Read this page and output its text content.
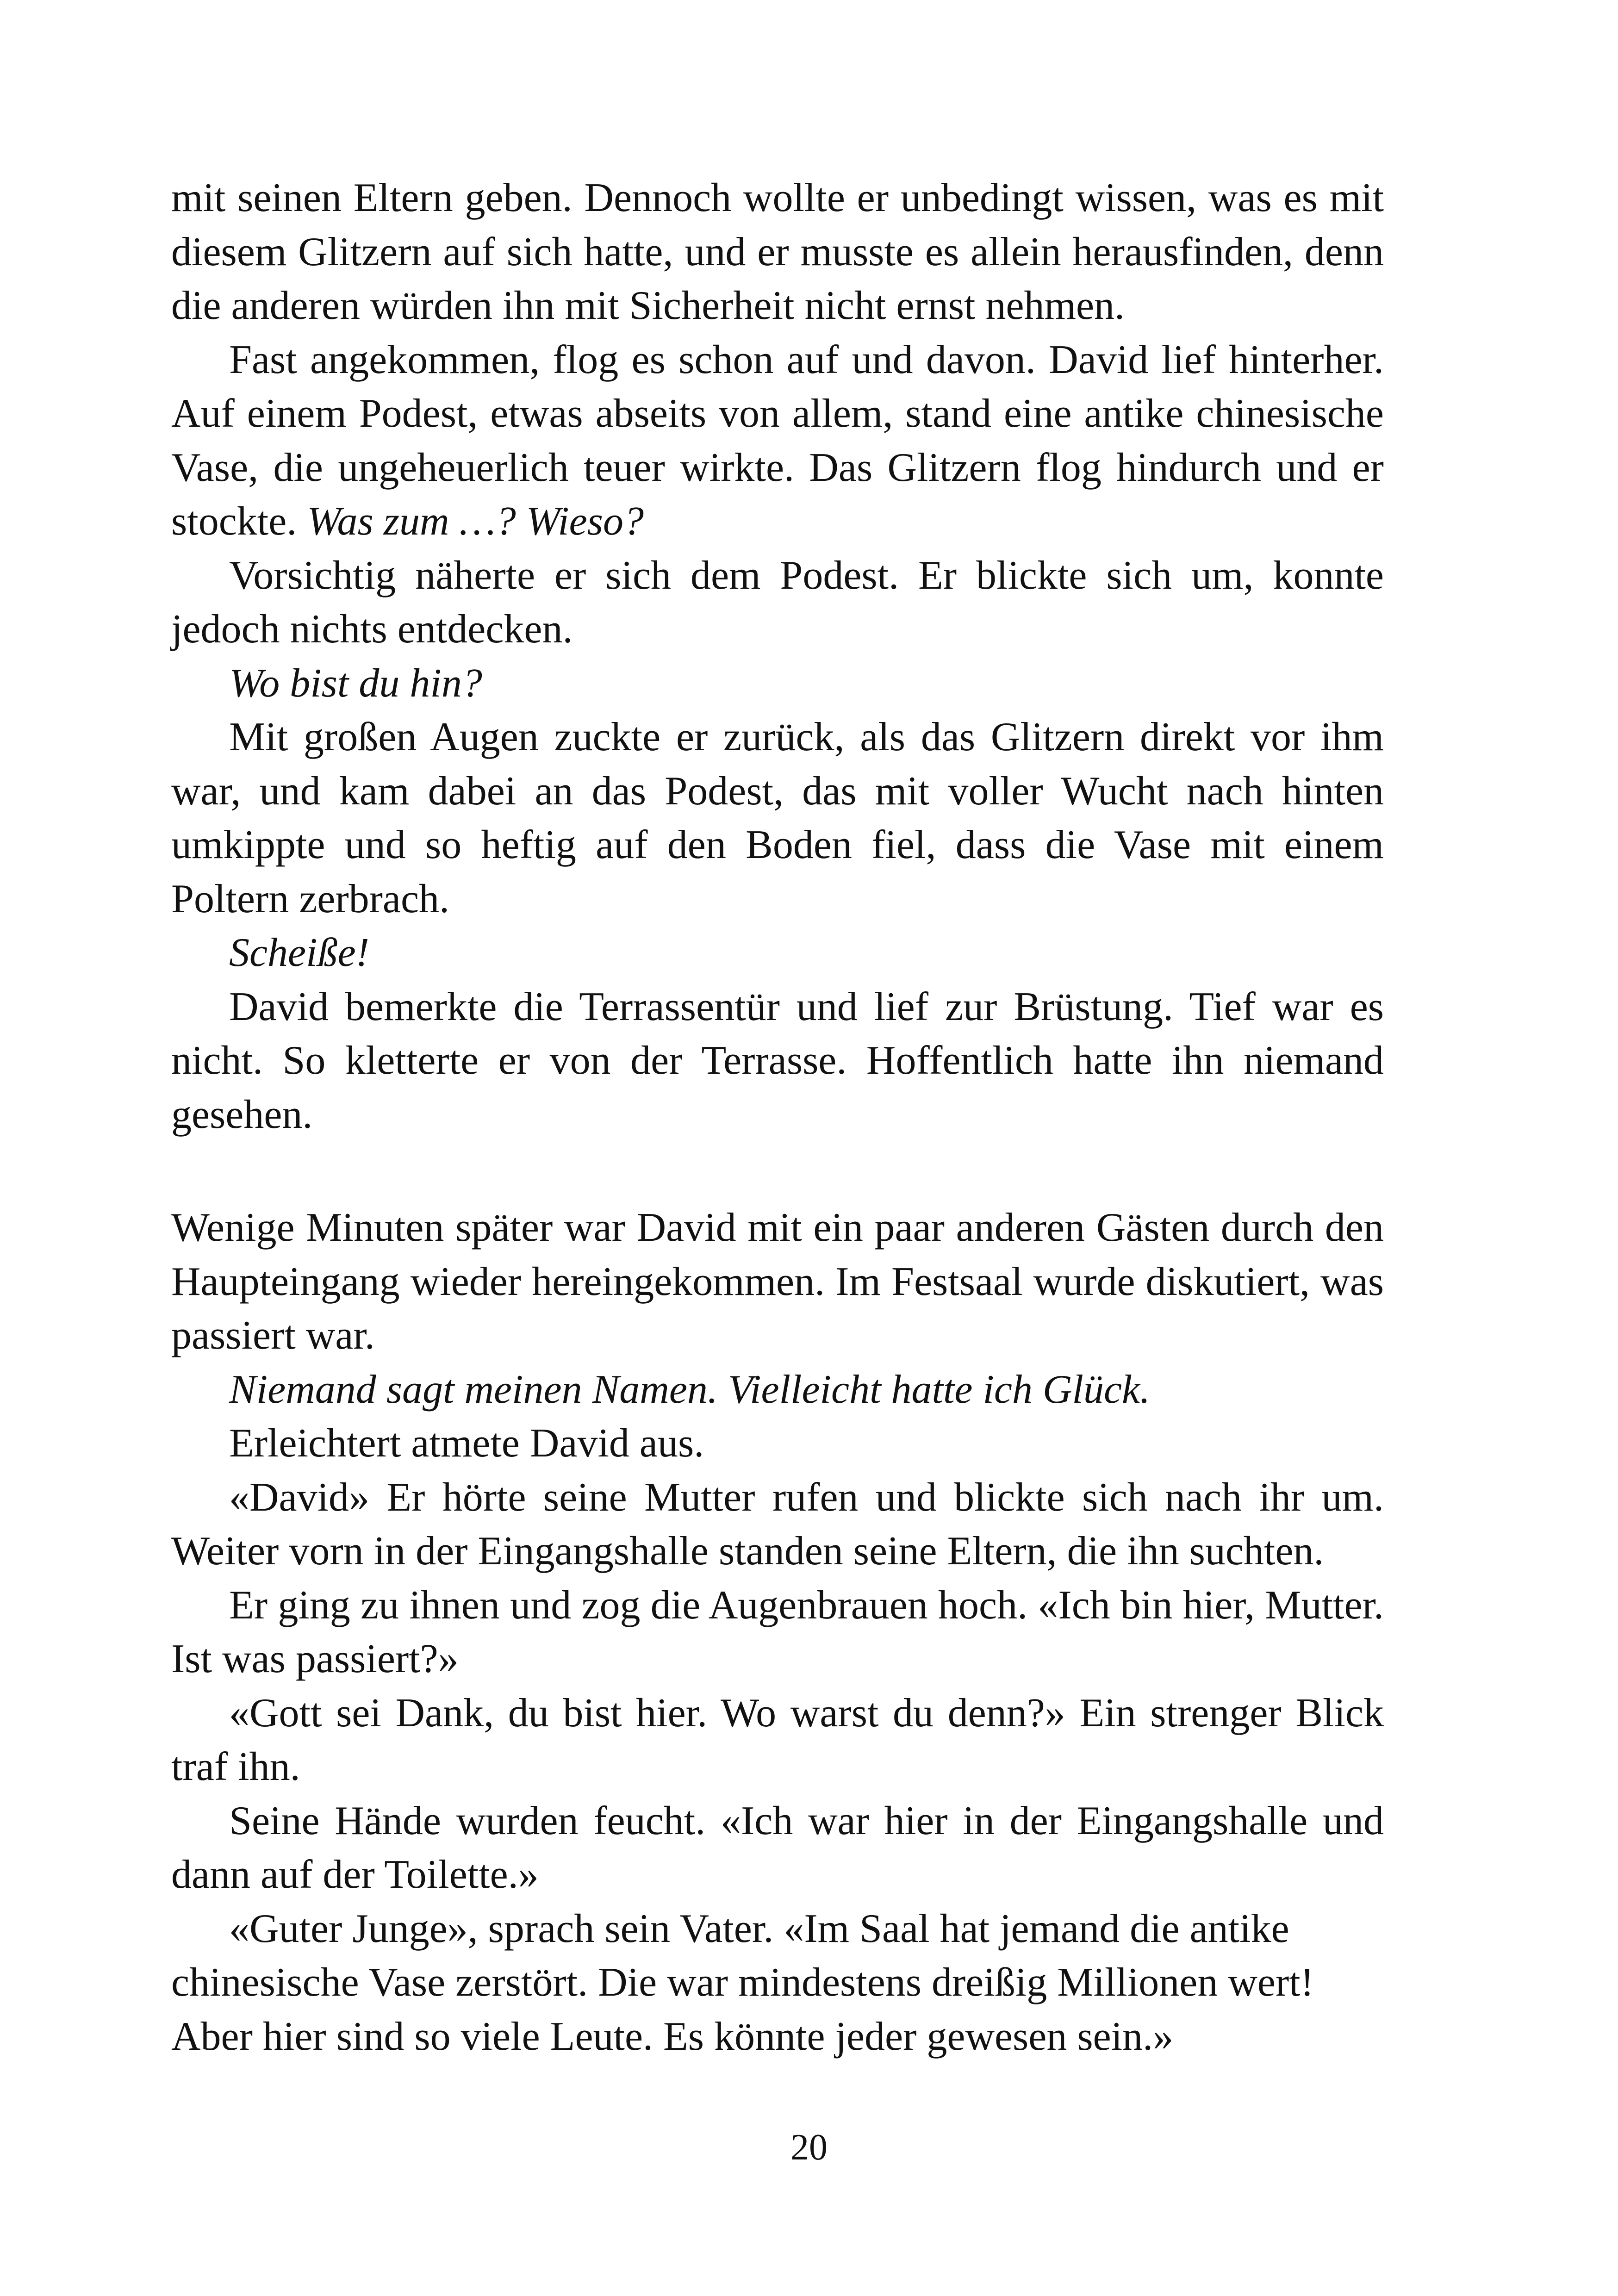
mit seinen Eltern geben. Dennoch wollte er unbedingt wissen, was es mit diesem Glitzern auf sich hatte, und er musste es allein herausfinden, denn die anderen würden ihn mit Sicherheit nicht ernst nehmen.

Fast angekommen, flog es schon auf und davon. David lief hinterher. Auf einem Podest, etwas abseits von allem, stand eine antike chinesische Vase, die ungeheuerlich teuer wirkte. Das Glitzern flog hindurch und er stockte. Was zum …? Wieso?

Vorsichtig näherte er sich dem Podest. Er blickte sich um, konnte jedoch nichts entdecken.

Wo bist du hin?

Mit großen Augen zuckte er zurück, als das Glitzern direkt vor ihm war, und kam dabei an das Podest, das mit voller Wucht nach hinten umkippte und so heftig auf den Boden fiel, dass die Vase mit einem Poltern zerbrach.

Scheiße!

David bemerkte die Terrassentür und lief zur Brüstung. Tief war es nicht. So kletterte er von der Terrasse. Hoffentlich hatte ihn niemand gesehen.

Wenige Minuten später war David mit ein paar anderen Gästen durch den Haupteingang wieder hereingekommen. Im Festsaal wurde diskutiert, was passiert war.

Niemand sagt meinen Namen. Vielleicht hatte ich Glück.

Erleichtert atmete David aus.

«David» Er hörte seine Mutter rufen und blickte sich nach ihr um. Weiter vorn in der Eingangshalle standen seine Eltern, die ihn suchten.

Er ging zu ihnen und zog die Augenbrauen hoch. «Ich bin hier, Mutter. Ist was passiert?»

«Gott sei Dank, du bist hier. Wo warst du denn?» Ein strenger Blick traf ihn.

Seine Hände wurden feucht. «Ich war hier in der Eingangshalle und dann auf der Toilette.»

«Guter Junge», sprach sein Vater. «Im Saal hat jemand die antike chinesische Vase zerstört. Die war mindestens dreißig Millionen wert! Aber hier sind so viele Leute. Es könnte jeder gewesen sein.»

20
